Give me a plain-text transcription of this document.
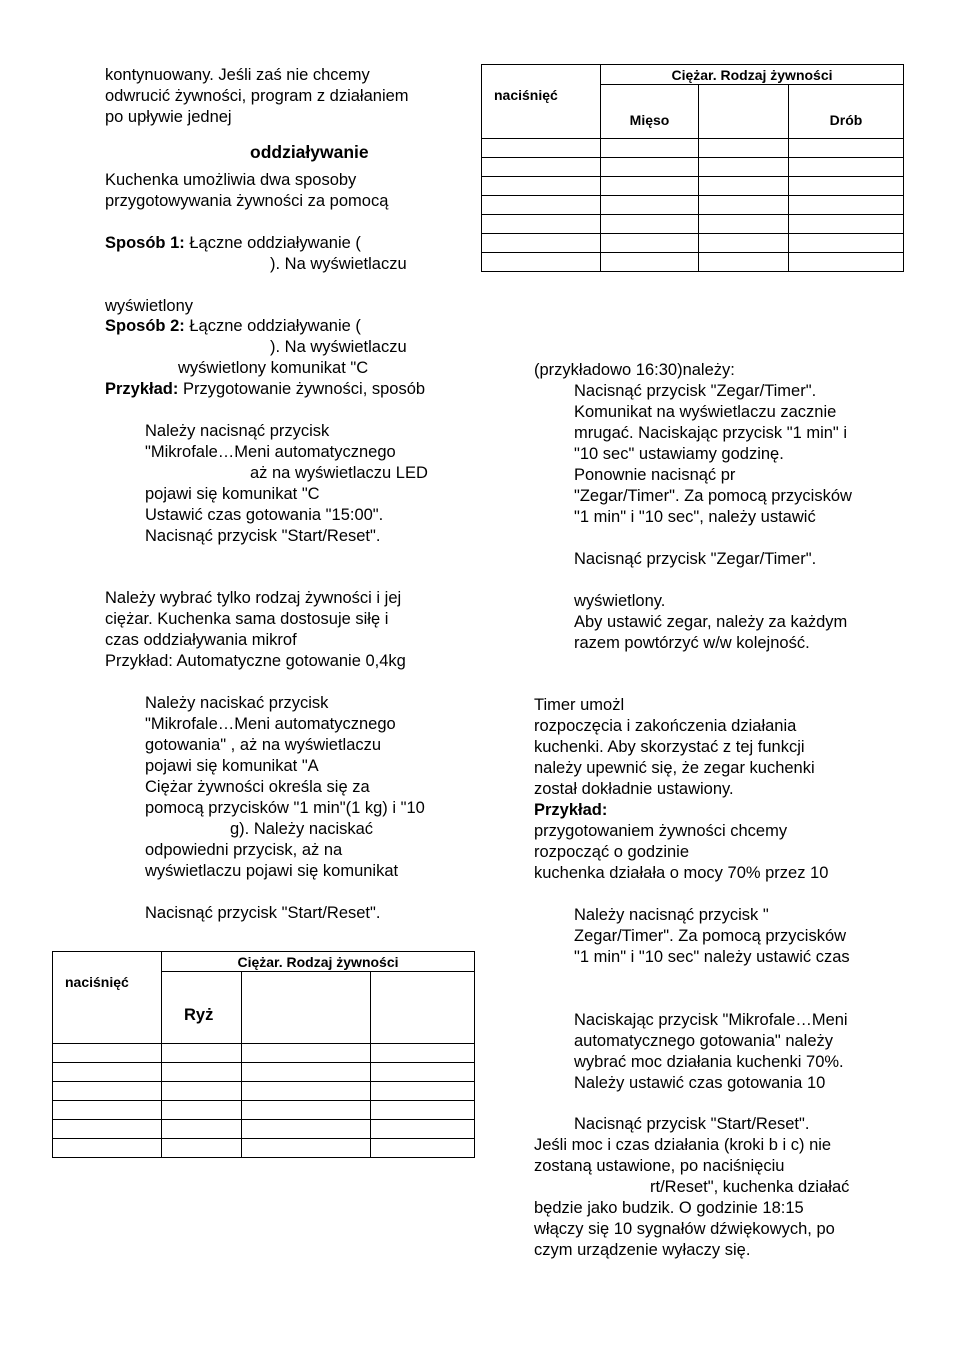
kontynuowany. Jeśli zaś nie chcemy
odwrucić żywności, program z działaniem
po upływie jednej
oddziaływanie
Kuchenka umożliwia dwa sposoby
przygotowywania żywności za pomocą
Sposób 1: Łączne oddziaływanie (
). Na wyświetlaczu
wyświetlony
Sposób 2: Łączne oddziaływanie (
). Na wyświetlaczu
wyświetlony komunikat "C
Przykład: Przygotowanie żywności, sposób
Należy nacisnąć przycisk
"Mikrofale…Meni automatycznego
aż na wyświetlaczu LED
pojawi się komunikat "C
Ustawić czas gotowania "15:00".
Nacisnąć przycisk "Start/Reset".
Należy wybrać tylko rodzaj żywności i jej
ciężar. Kuchenka sama dostosuje siłę i
czas oddziaływania mikrof
Przykład: Automatyczne gotowanie 0,4kg
Należy naciskać przycisk
"Mikrofale…Meni automatycznego
gotowania" , aż na wyświetlaczu
pojawi się komunikat "A
Ciężar żywności określa się za
pomocą przycisków "1 min"(1 kg) i "10
g). Należy naciskać
odpowiedni przycisk, aż na
wyświetlaczu pojawi się komunikat
Nacisnąć przycisk "Start/Reset".
naciśnięć	Ciężar. Rodzaj żywności		
	Ryż		

naciśnięć	Ciężar. Rodzaj żywności		
	Mięso		Drób

(przykładowo 16:30)należy:
Nacisnąć przycisk "Zegar/Timer".
Komunikat na wyświetlaczu zacznie
mrugać. Naciskając przycisk "1 min" i
"10 sec" ustawiamy godzinę.
Ponownie nacisnąć pr
"Zegar/Timer". Za pomocą przycisków
"1 min" i "10 sec", należy ustawić
Nacisnąć przycisk "Zegar/Timer".
wyświetlony.
Aby ustawić zegar, należy za każdym
razem powtórzyć w/w kolejność.
Timer umożl
rozpoczęcia i zakończenia działania
kuchenki. Aby skorzystać z tej funkcji
należy upewnić się, że zegar kuchenki
został dokładnie ustawiony.
Przykład:
przygotowaniem żywności chcemy
rozpocząć o godzinie
kuchenka działała o mocy 70% przez 10
Należy nacisnąć przycisk "
Zegar/Timer". Za pomocą przycisków
"1 min" i "10 sec" należy ustawić czas
Naciskając przycisk "Mikrofale…Meni
automatycznego gotowania" należy
wybrać moc działania kuchenki 70%.
Należy ustawić czas gotowania 10
Nacisnąć przycisk "Start/Reset".
Jeśli moc i czas działania (kroki b i c) nie
zostaną ustawione, po naciśnięciu
rt/Reset", kuchenka działać
będzie jako budzik. O godzinie 18:15
włączy się 10 sygnałów dźwiękowych, po
czym urządzenie wyłaczy się.
